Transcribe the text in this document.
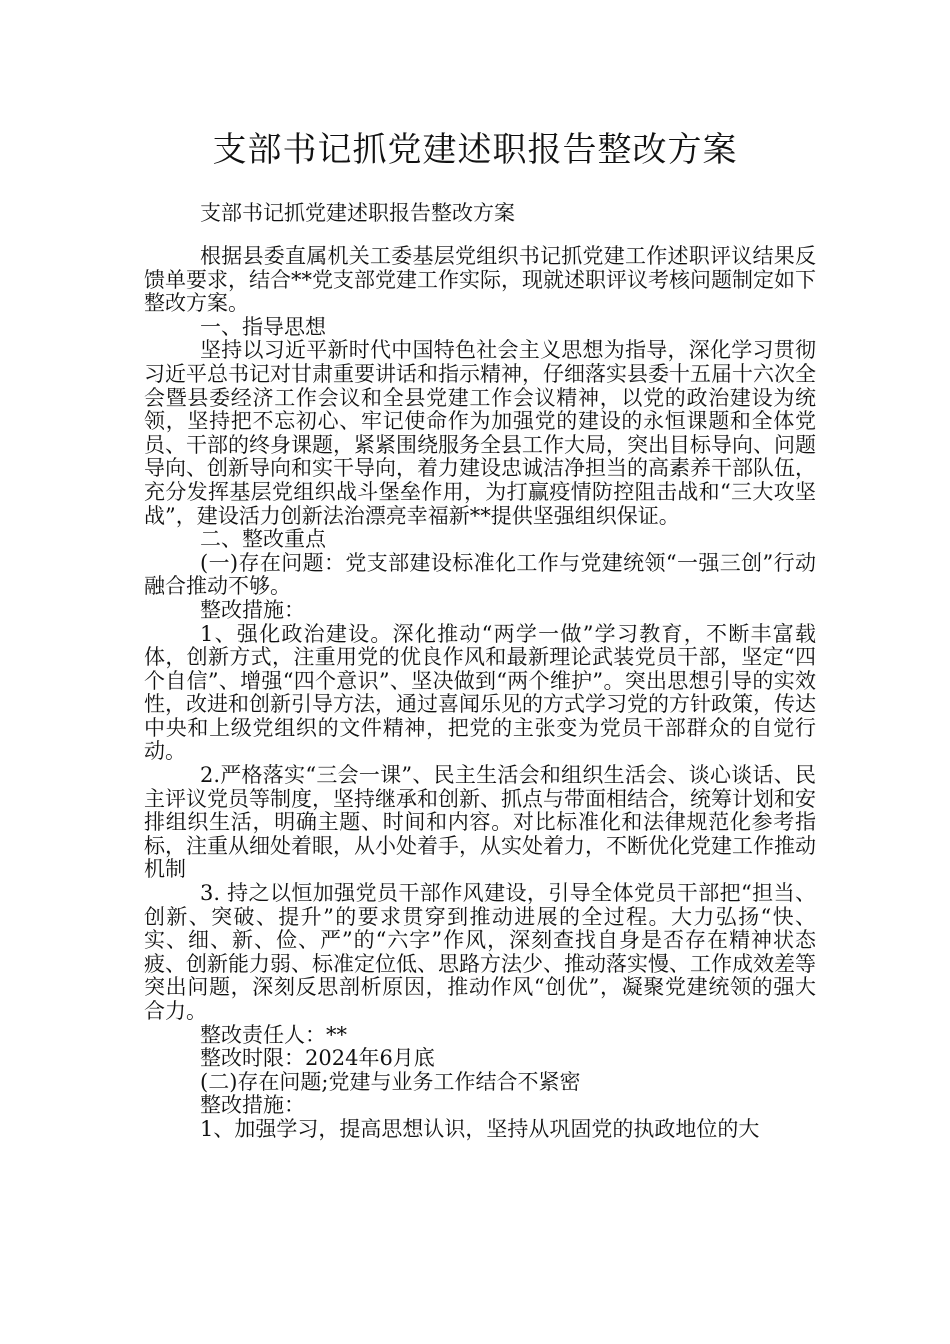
支部书记抓党建述职报告整改方案

支部书记抓党建述职报告整改方案

根据县委直属机关工委基层党组织书记抓党建工作述职评议结果反馈单要求，结合**党支部党建工作实际，现就述职评议考核问题制定如下整改方案。

一、指导思想

坚持以习近平新时代中国特色社会主义思想为指导，深化学习贯彻习近平总书记对甘肃重要讲话和指示精神，仔细落实县委十五届十六次全会暨县委经济工作会议和全县党建工作会议精神，以党的政治建设为统领，坚持把不忘初心、牢记使命作为加强党的建设的永恒课题和全体党员、干部的终身课题，紧紧围绕服务全县工作大局，突出目标导向、问题导向、创新导向和实干导向，着力建设忠诚洁净担当的高素养干部队伍，充分发挥基层党组织战斗堡垒作用，为打赢疫情防控阻击战和“三大攻坚战”，建设活力创新法治漂亮幸福新**提供坚强组织保证。

二、整改重点

(一)存在问题：党支部建设标准化工作与党建统领“一强三创”行动融合推动不够。

整改措施：

1、强化政治建设。深化推动“两学一做”学习教育，不断丰富载体，创新方式，注重用党的优良作风和最新理论武装党员干部，坚定“四个自信”、增强“四个意识”、坚决做到“两个维护”。突出思想引导的实效性，改进和创新引导方法，通过喜闻乐见的方式学习党的方针政策，传达中央和上级党组织的文件精神，把党的主张变为党员干部群众的自觉行动。

2.严格落实“三会一课”、民主生活会和组织生活会、谈心谈话、民主评议党员等制度，坚持继承和创新、抓点与带面相结合，统筹计划和安排组织生活，明确主题、时间和内容。对比标准化和法律规范化参考指标，注重从细处着眼，从小处着手，从实处着力，不断优化党建工作推动机制

3. 持之以恒加强党员干部作风建设，引导全体党员干部把“担当、创新、突破、提升”的要求贯穿到推动进展的全过程。大力弘扬“快、实、细、新、俭、严”的“六字”作风，深刻查找自身是否存在精神状态疲、创新能力弱、标准定位低、思路方法少、推动落实慢、工作成效差等突出问题，深刻反思剖析原因，推动作风“创优”，凝聚党建统领的强大合力。

整改责任人：**

整改时限：2024年6月底

(二)存在问题;党建与业务工作结合不紧密

整改措施：

1、加强学习，提高思想认识，坚持从巩固党的执政地位的大
